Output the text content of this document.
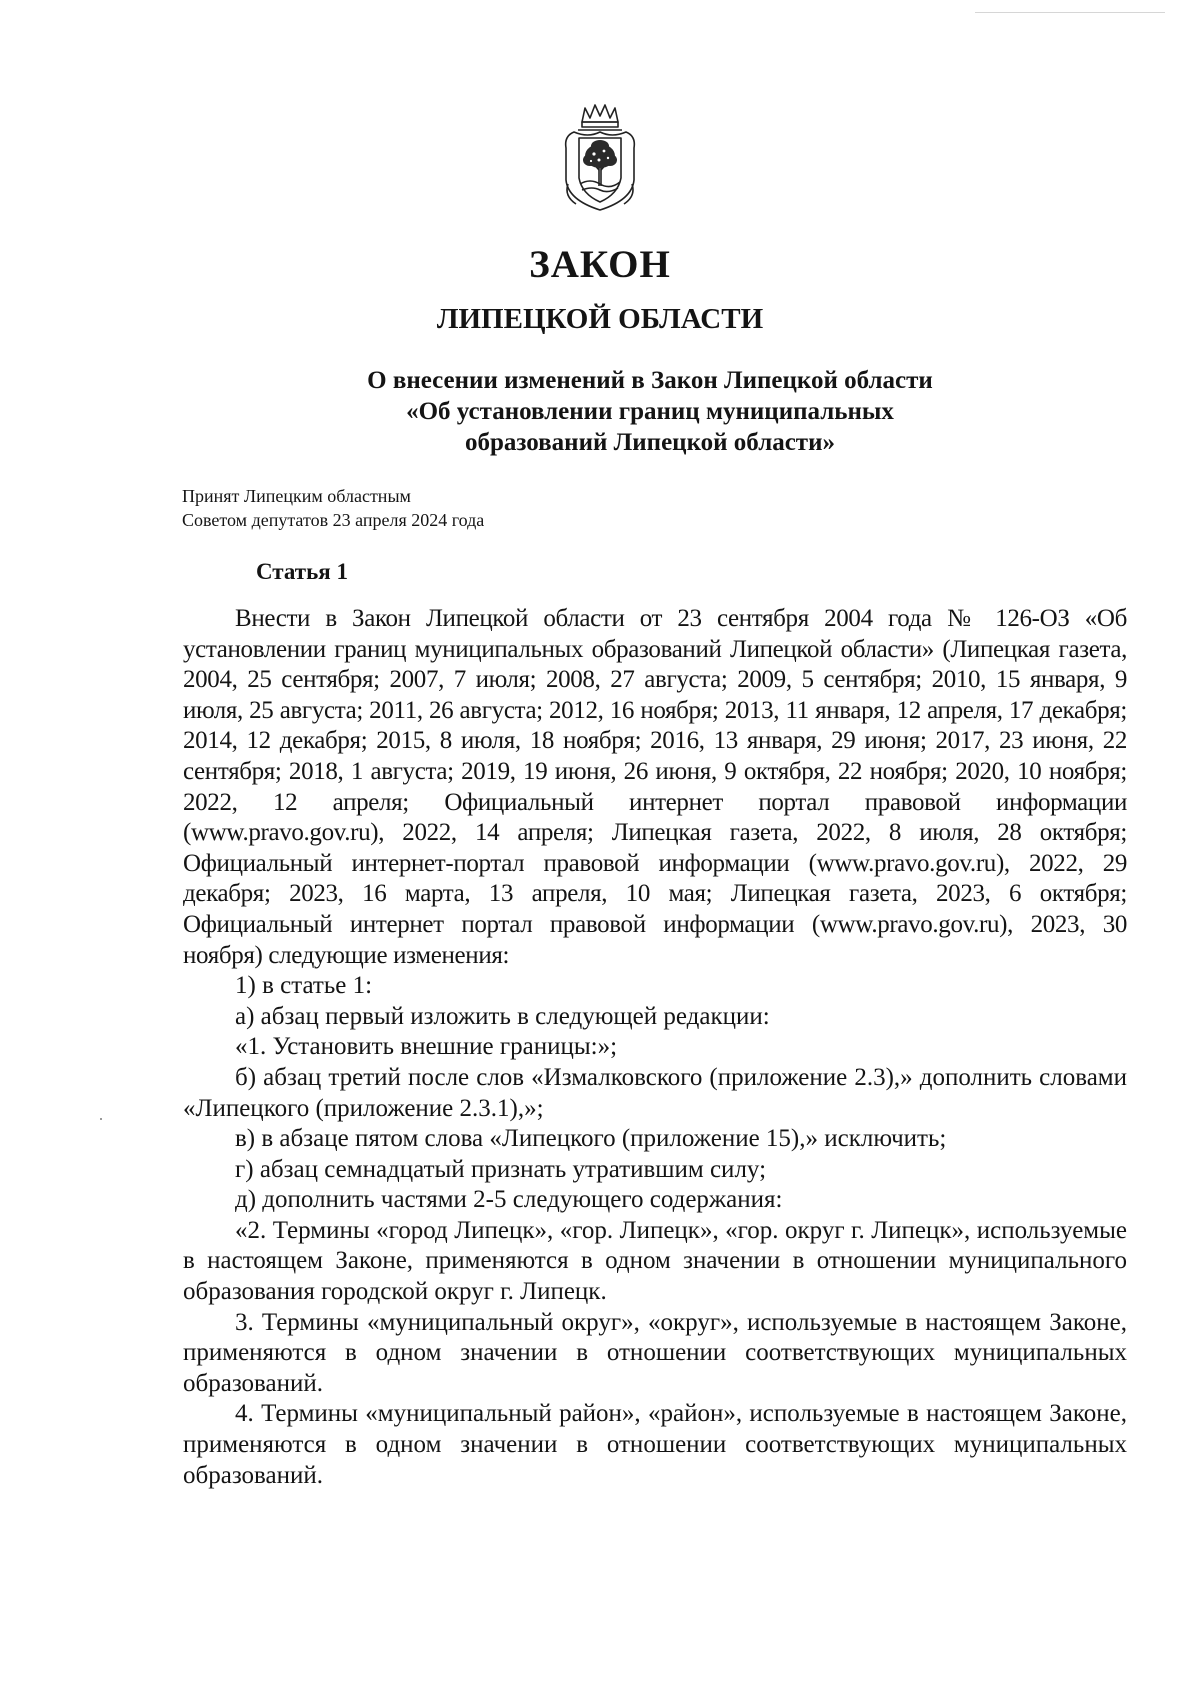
ЗАКОН
ЛИПЕЦКОЙ ОБЛАСТИ
О внесении изменений в Закон Липецкой области
«Об установлении границ муниципальных
образований Липецкой области»
Принят Липецким областным
Советом депутатов 23 апреля 2024 года
Статья 1

Внести в Закон Липецкой области от 23 сентября 2004 года № 126-ОЗ «Об установлении границ муниципальных образований Липецкой области» (Липецкая газета, 2004, 25 сентября; 2007, 7 июля; 2008, 27 августа; 2009, 5 сентября; 2010, 15 января, 9 июля, 25 августа; 2011, 26 августа; 2012, 16 ноября; 2013, 11 января, 12 апреля, 17 декабря; 2014, 12 декабря; 2015, 8 июля, 18 ноября; 2016, 13 января, 29 июня; 2017, 23 июня, 22 сентября; 2018, 1 августа; 2019, 19 июня, 26 июня, 9 октября, 22 ноября; 2020, 10 ноября; 2022, 12 апреля; Официальный интернет портал правовой информации (www.pravo.gov.ru), 2022, 14 апреля; Липецкая газета, 2022, 8 июля, 28 октября; Официальный интернет-портал правовой информации (www.pravo.gov.ru), 2022, 29 декабря; 2023, 16 марта, 13 апреля, 10 мая; Липецкая газета, 2023, 6 октября; Официальный интернет портал правовой информации (www.pravo.gov.ru), 2023, 30 ноября) следующие изменения:

1) в статье 1:

а) абзац первый изложить в следующей редакции:

«1. Установить внешние границы:»;

б) абзац третий после слов «Измалковского (приложение 2.3),» дополнить словами «Липецкого (приложение 2.3.1),»;

в) в абзаце пятом слова «Липецкого (приложение 15),» исключить;

г) абзац семнадцатый признать утратившим силу;

д) дополнить частями 2-5 следующего содержания:

«2. Термины «город Липецк», «гор. Липецк», «гор. округ г. Липецк», используемые в настоящем Законе, применяются в одном значении в отношении муниципального образования городской округ г. Липецк.

3. Термины «муниципальный округ», «округ», используемые в настоящем Законе, применяются в одном значении в отношении соответствующих муниципальных образований.

4. Термины «муниципальный район», «район», используемые в настоящем Законе, применяются в одном значении в отношении соответствующих муниципальных образований.
